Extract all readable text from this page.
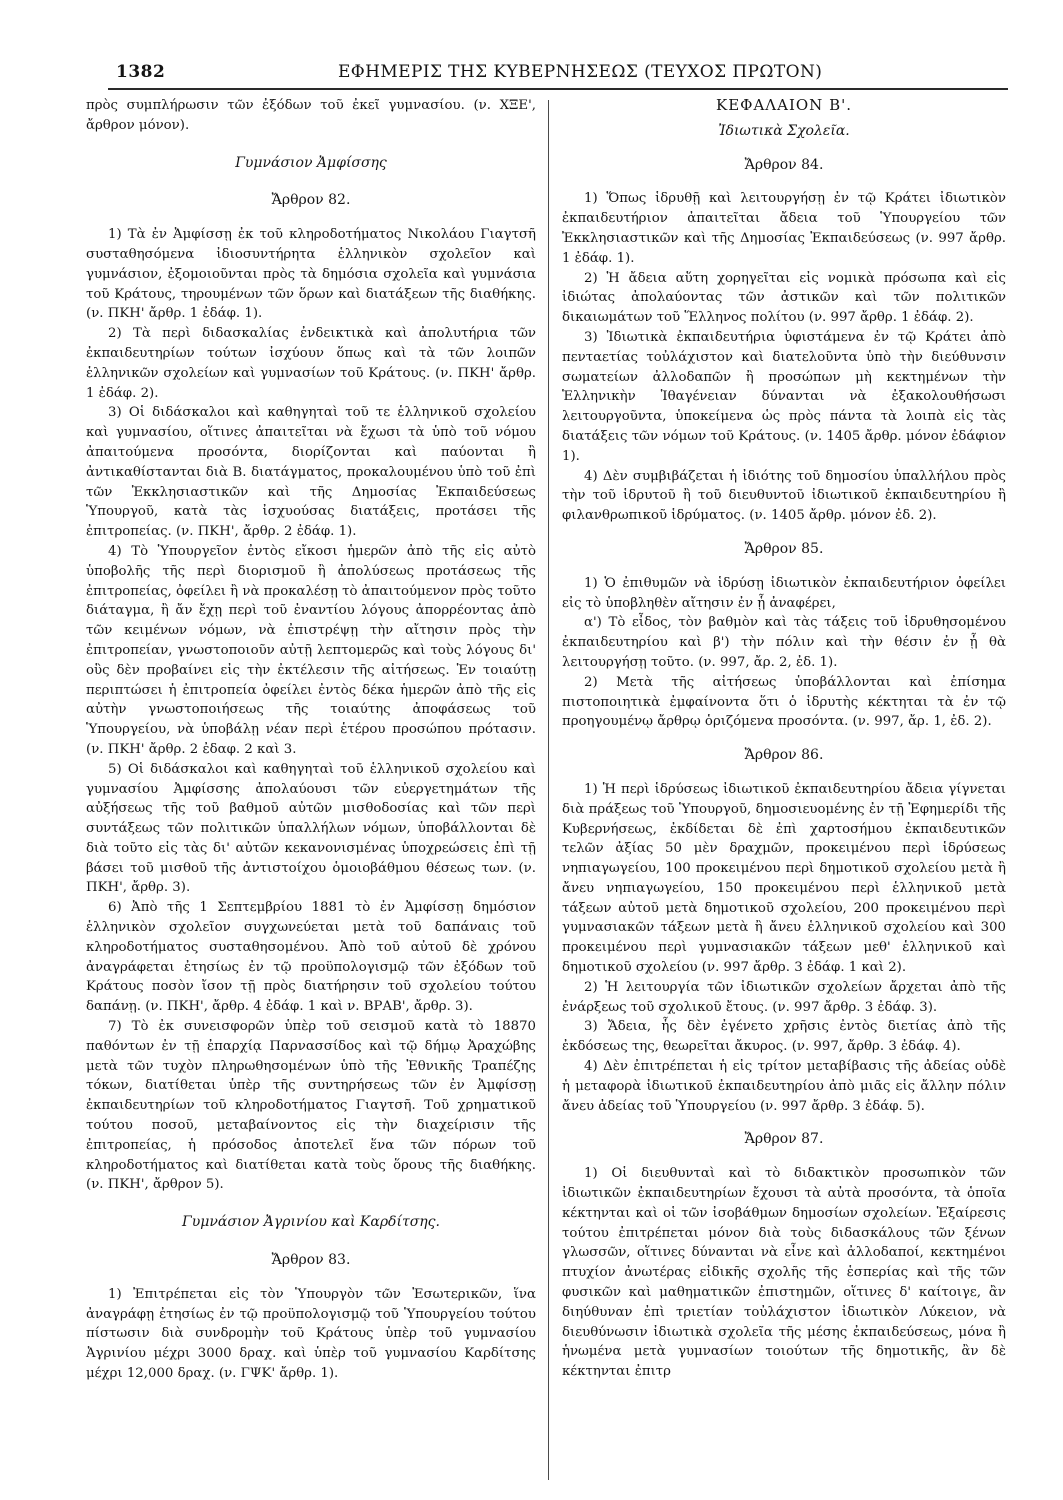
1382	ΕΦΗΜΕΡΙΣ ΤΗΣ ΚΥΒΕΡΝΗΣΕΩΣ (ΤΕΥΧΟΣ ΠΡΩΤΟΝ)

πρὸς συμπλήρωσιν τῶν ἐξόδων τοῦ ἐκεῖ γυμνασίου. (ν. ΧΞΕ', ἄρθρον μόνον).

Γυμνάσιον Ἀμφίσσης
Ἄρθρον 82.

1) Τὰ ἐν Ἀμφίσσῃ ἐκ τοῦ κληροδοτήματος Νικολάου Γιαγτσῆ συσταθησόμενα ἰδιοσυντήρητα ἑλληνικὸν σχολεῖον καὶ γυμνάσιον, ἐξομοιοῦνται πρὸς τὰ δημόσια σχολεῖα καὶ γυμνάσια τοῦ Κράτους, τηρουμένων τῶν ὅρων καὶ διατάξεων τῆς διαθήκης. (ν. ΠΚΗ' ἄρθρ. 1 ἐδάφ. 1).

2) Τὰ περὶ διδασκαλίας ἐνδεικτικὰ καὶ ἀπολυτήρια τῶν ἐκπαιδευτηρίων τούτων ἰσχύουν ὅπως καὶ τὰ τῶν λοιπῶν ἑλληνικῶν σχολείων καὶ γυμνασίων τοῦ Κράτους. (ν. ΠΚΗ' ἄρθρ. 1 ἐδάφ. 2).

3) Οἱ διδάσκαλοι καὶ καθηγηταὶ τοῦ τε ἑλληνικοῦ σχολείου καὶ γυμνασίου, οἵτινες ἀπαιτεῖται νὰ ἔχωσι τὰ ὑπὸ τοῦ νόμου ἀπαιτούμενα προσόντα, διορίζονται καὶ παύονται ἢ ἀντικαθίστανται διὰ Β. διατάγματος, προκαλουμένου ὑπὸ τοῦ ἐπὶ τῶν Ἐκκλησιαστικῶν καὶ τῆς Δημοσίας Ἐκπαιδεύσεως Ὑπουργοῦ, κατὰ τὰς ἰσχυούσας διατάξεις, προτάσει τῆς ἐπιτροπείας. (ν. ΠΚΗ', ἄρθρ. 2 ἐδάφ. 1).

4) Τὸ Ὑπουργεῖον ἐντὸς εἴκοσι ἡμερῶν ἀπὸ τῆς εἰς αὐτὸ ὑποβολῆς τῆς περὶ διορισμοῦ ἢ ἀπολύσεως προτάσεως τῆς ἐπιτροπείας, ὀφείλει ἢ νὰ προκαλέσῃ τὸ ἀπαιτούμενον πρὸς τοῦτο διάταγμα, ἢ ἄν ἔχῃ περὶ τοῦ ἐναντίου λόγους ἀπορρέοντας ἀπὸ τῶν κειμένων νόμων, νὰ ἐπιστρέψῃ τὴν αἴτησιν πρὸς τὴν ἐπιτροπείαν, γνωστοποιοῦν αὐτῇ λεπτομερῶς καὶ τοὺς λόγους δι' οὓς δὲν προβαίνει εἰς τὴν ἐκτέλεσιν τῆς αἰτήσεως. Ἐν τοιαύτῃ περιπτώσει ἡ ἐπιτροπεία ὀφείλει ἐντὸς δέκα ἡμερῶν ἀπὸ τῆς εἰς αὐτὴν γνωστοποιήσεως τῆς τοιαύτης ἀποφάσεως τοῦ Ὑπουργείου, νὰ ὑποβάλῃ νέαν περὶ ἑτέρου προσώπου πρότασιν. (ν. ΠΚΗ' ἄρθρ. 2 ἐδαφ. 2 καὶ 3.

5) Οἱ διδάσκαλοι καὶ καθηγηταὶ τοῦ ἑλληνικοῦ σχολείου καὶ γυμνασίου Ἀμφίσσης ἀπολαύουσι τῶν εὐεργετημάτων τῆς αὐξήσεως τῆς τοῦ βαθμοῦ αὐτῶν μισθοδοσίας καὶ τῶν περὶ συντάξεως τῶν πολιτικῶν ὑπαλλήλων νόμων, ὑποβάλλονται δὲ διὰ τοῦτο εἰς τὰς δι' αὐτῶν κεκανονισμένας ὑποχρεώσεις ἐπὶ τῇ βάσει τοῦ μισθοῦ τῆς ἀντιστοίχου ὁμοιοβάθμου θέσεως των. (ν. ΠΚΗ', ἄρθρ. 3).

6) Ἀπὸ τῆς 1 Σεπτεμβρίου 1881 τὸ ἐν Ἀμφίσσῃ δημόσιον ἑλληνικὸν σχολεῖον συγχωνεύεται μετὰ τοῦ δαπάναις τοῦ κληροδοτήματος συσταθησομένου. Ἀπὸ τοῦ αὐτοῦ δὲ χρόνου ἀναγράφεται ἐτησίως ἐν τῷ προϋπολογισμῷ τῶν ἐξόδων τοῦ Κράτους ποσὸν ἴσον τῇ πρὸς διατήρησιν τοῦ σχολείου τούτου δαπάνῃ. (ν. ΠΚΗ', ἄρθρ. 4 ἐδάφ. 1 καὶ ν. ΒΡΑΒ', ἄρθρ. 3).

7) Τὸ ἐκ συνεισφορῶν ὑπὲρ τοῦ σεισμοῦ κατὰ τὸ 18870 παθόντων ἐν τῇ ἐπαρχίᾳ Παρνασσίδος καὶ τῷ δήμῳ Ἀραχώβης μετὰ τῶν τυχὸν πληρωθησομένων ὑπὸ τῆς Ἐθνικῆς Τραπέζης τόκων, διατίθεται ὑπὲρ τῆς συντηρήσεως τῶν ἐν Ἀμφίσσῃ ἐκπαιδευτηρίων τοῦ κληροδοτήματος Γιαγτσῆ. Τοῦ χρηματικοῦ τούτου ποσοῦ, μεταβαίνοντος εἰς τὴν διαχείρισιν τῆς ἐπιτροπείας, ἡ πρόσοδος ἀποτελεῖ ἕνα τῶν πόρων τοῦ κληροδοτήματος καὶ διατίθεται κατὰ τοὺς ὅρους τῆς διαθήκης. (ν. ΠΚΗ', ἄρθρον 5).

Γυμνάσιον Ἀγρινίου καὶ Καρδίτσης.
Ἄρθρον 83.

1) Ἐπιτρέπεται εἰς τὸν Ὑπουργὸν τῶν Ἐσωτερικῶν, ἵνα ἀναγράφῃ ἐτησίως ἐν τῷ προϋπολογισμῷ τοῦ Ὑπουργείου τούτου πίστωσιν διὰ συνδρομὴν τοῦ Κράτους ὑπὲρ τοῦ γυμνασίου Ἀγρινίου μέχρι 3000 δραχ. καὶ ὑπὲρ τοῦ γυμνασίου Καρδίτσης μέχρι 12,000 δραχ. (ν. ΓΨΚ' ἄρθρ. 1).

ΚΕΦΑΛΑΙΟΝ Β'.
Ἰδιωτικὰ Σχολεῖα.
Ἄρθρον 84.

1) Ὅπως ἱδρυθῇ καὶ λειτουργήσῃ ἐν τῷ Κράτει ἰδιωτικὸν ἐκπαιδευτήριον ἀπαιτεῖται ἄδεια τοῦ Ὑπουργείου τῶν Ἐκκλησιαστικῶν καὶ τῆς Δημοσίας Ἐκπαιδεύσεως (ν. 997 ἄρθρ. 1 ἐδάφ. 1).

2) Ἡ ἄδεια αὕτη χορηγεῖται εἰς νομικὰ πρόσωπα καὶ εἰς ἰδιώτας ἀπολαύοντας τῶν ἀστικῶν καὶ τῶν πολιτικῶν δικαιωμάτων τοῦ Ἕλληνος πολίτου (ν. 997 ἄρθρ. 1 ἐδάφ. 2).

3) Ἰδιωτικὰ ἐκπαιδευτήρια ὑφιστάμενα ἐν τῷ Κράτει ἀπὸ πενταετίας τοὐλάχιστον καὶ διατελοῦντα ὑπὸ τὴν διεύθυνσιν σωματείων ἀλλοδαπῶν ἢ προσώπων μὴ κεκτημένων τὴν Ἑλληνικὴν Ἰθαγένειαν δύνανται νὰ ἐξακολουθήσωσι λειτουργοῦντα, ὑποκείμενα ὡς πρὸς πάντα τὰ λοιπὰ εἰς τὰς διατάξεις τῶν νόμων τοῦ Κράτους. (ν. 1405 ἄρθρ. μόνον ἐδάφιον 1).

4) Δὲν συμβιβάζεται ἡ ἰδιότης τοῦ δημοσίου ὑπαλλήλου πρὸς τὴν τοῦ ἱδρυτοῦ ἢ τοῦ διευθυντοῦ ἰδιωτικοῦ ἐκπαιδευτηρίου ἢ φιλανθρωπικοῦ ἱδρύματος. (ν. 1405 ἄρθρ. μόνον ἐδ. 2).

Ἄρθρον 85.

1) Ὁ ἐπιθυμῶν νὰ ἱδρύσῃ ἰδιωτικὸν ἐκπαιδευτήριον ὀφείλει εἰς τὸ ὑποβληθὲν αἴτησιν ἐν ᾗ ἀναφέρει,

α') Τὸ εἶδος, τὸν βαθμὸν καὶ τὰς τάξεις τοῦ ἱδρυθησομένου ἐκπαιδευτηρίου καὶ β') τὴν πόλιν καὶ τὴν θέσιν ἐν ᾗ θὰ λειτουργήσῃ τοῦτο. (ν. 997, ἄρ. 2, ἐδ. 1).

2) Μετὰ τῆς αἰτήσεως ὑποβάλλονται καὶ ἐπίσημα πιστοποιητικὰ ἐμφαίνοντα ὅτι ὁ ἱδρυτὴς κέκτηται τὰ ἐν τῷ προηγουμένῳ ἄρθρῳ ὁριζόμενα προσόντα. (ν. 997, ἄρ. 1, ἐδ. 2).

Ἄρθρον 86.

1) Ἡ περὶ ἱδρύσεως ἰδιωτικοῦ ἐκπαιδευτηρίου ἄδεια γίγνεται διὰ πράξεως τοῦ Ὑπουργοῦ, δημοσιευομένης ἐν τῇ Ἐφημερίδι τῆς Κυβερνήσεως, ἐκδίδεται δὲ ἐπὶ χαρτοσήμου ἐκπαιδευτικῶν τελῶν ἀξίας 50 μὲν δραχμῶν, προκειμένου περὶ ἱδρύσεως νηπιαγωγείου, 100 προκειμένου περὶ δημοτικοῦ σχολείου μετὰ ἢ ἄνευ νηπιαγωγείου, 150 προκειμένου περὶ ἑλληνικοῦ μετὰ τάξεων αὐτοῦ μετὰ δημοτικοῦ σχολείου, 200 προκειμένου περὶ γυμνασιακῶν τάξεων μετὰ ἢ ἄνευ ἑλληνικοῦ σχολείου καὶ 300 προκειμένου περὶ γυμνασιακῶν τάξεων μεθ' ἑλληνικοῦ καὶ δημοτικοῦ σχολείου (ν. 997 ἄρθρ. 3 ἐδάφ. 1 καὶ 2).

2) Ἡ λειτουργία τῶν ἰδιωτικῶν σχολείων ἄρχεται ἀπὸ τῆς ἐνάρξεως τοῦ σχολικοῦ ἔτους. (ν. 997 ἄρθρ. 3 ἐδάφ. 3).

3) Ἄδεια, ἧς δὲν ἐγένετο χρῆσις ἐντὸς διετίας ἀπὸ τῆς ἐκδόσεως της, θεωρεῖται ἄκυρος. (ν. 997, ἄρθρ. 3 ἐδάφ. 4).

4) Δὲν ἐπιτρέπεται ἡ εἰς τρίτον μεταβίβασις τῆς ἀδείας οὐδὲ ἡ μεταφορὰ ἰδιωτικοῦ ἐκπαιδευτηρίου ἀπὸ μιᾶς εἰς ἄλλην πόλιν ἄνευ ἀδείας τοῦ Ὑπουργείου (ν. 997 ἄρθρ. 3 ἐδάφ. 5).

Ἄρθρον 87.

1) Οἱ διευθυνταὶ καὶ τὸ διδακτικὸν προσωπικὸν τῶν ἰδιωτικῶν ἐκπαιδευτηρίων ἔχουσι τὰ αὐτὰ προσόντα, τὰ ὁποῖα κέκτηνται καὶ οἱ τῶν ἰσοβάθμων δημοσίων σχολείων. Ἐξαίρεσις τούτου ἐπιτρέπεται μόνον διὰ τοὺς διδασκάλους τῶν ξένων γλωσσῶν, οἵτινες δύνανται νὰ εἶνε καὶ ἀλλοδαποί, κεκτημένοι πτυχίον ἀνωτέρας εἰδικῆς σχολῆς τῆς ἑσπερίας καὶ τῆς τῶν φυσικῶν καὶ μαθηματικῶν ἐπιστημῶν, οἵτινες δ' καίτοιγε, ἂν διηύθυναν ἐπὶ τριετίαν τοὐλάχιστον ἰδιωτικὸν Λύκειον, νὰ διευθύνωσιν ἰδιωτικὰ σχολεῖα τῆς μέσης ἐκπαιδεύσεως, μόνα ἢ ἡνωμένα μετὰ γυμνασίων τοιούτων τῆς δημοτικῆς, ἂν δὲ κέκτηνται ἐπιτρ
